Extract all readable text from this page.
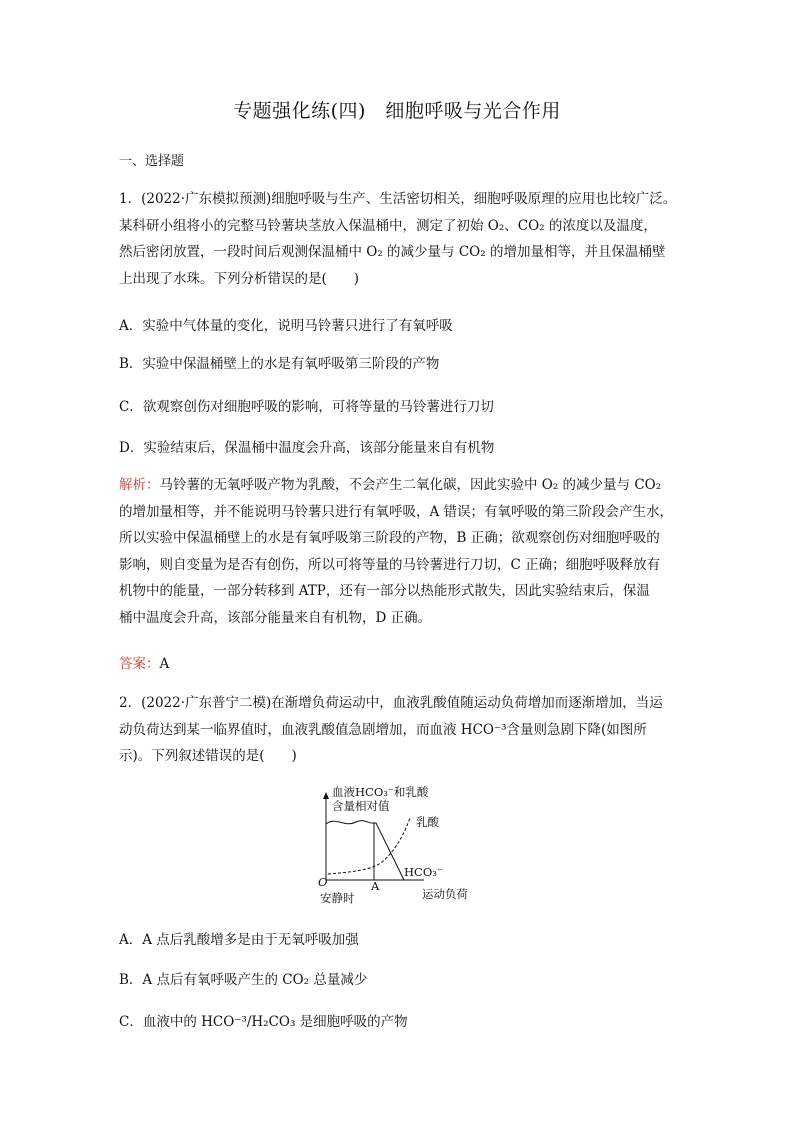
专题强化练(四)　细胞呼吸与光合作用
一、选择题
1．(2022·广东模拟预测)细胞呼吸与生产、生活密切相关，细胞呼吸原理的应用也比较广泛。
某科研小组将小的完整马铃薯块茎放入保温桶中，测定了初始 O₂、CO₂ 的浓度以及温度，
然后密闭放置，一段时间后观测保温桶中 O₂ 的减少量与 CO₂ 的增加量相等，并且保温桶壁
上出现了水珠。下列分析错误的是(　　)
A．实验中气体量的变化，说明马铃薯只进行了有氧呼吸
B．实验中保温桶壁上的水是有氧呼吸第三阶段的产物
C．欲观察创伤对细胞呼吸的影响，可将等量的马铃薯进行刀切
D．实验结束后，保温桶中温度会升高，该部分能量来自有机物
解析：马铃薯的无氧呼吸产物为乳酸，不会产生二氧化碳，因此实验中 O₂ 的减少量与 CO₂
的增加量相等，并不能说明马铃薯只进行有氧呼吸，A 错误；有氧呼吸的第三阶段会产生水，
所以实验中保温桶壁上的水是有氧呼吸第三阶段的产物，B 正确；欲观察创伤对细胞呼吸的
影响，则自变量为是否有创伤，所以可将等量的马铃薯进行刀切，C 正确；细胞呼吸释放有
机物中的能量，一部分转移到 ATP，还有一部分以热能形式散失，因此实验结束后，保温
桶中温度会升高，该部分能量来自有机物，D 正确。
答案：A
2．(2022·广东普宁二模)在渐增负荷运动中，血液乳酸值随运动负荷增加而逐渐增加，当运
动负荷达到某一临界值时，血液乳酸值急剧增加，而血液 HCO⁻³含量则急剧下降(如图所
示)。下列叙述错误的是(　　)
血液HCO₃⁻和乳酸
含量相对值
乳酸
HCO₃⁻
O	A
安静时	运动负荷
A．A 点后乳酸增多是由于无氧呼吸加强
B．A 点后有氧呼吸产生的 CO₂ 总量减少
C．血液中的 HCO⁻³/H₂CO₃ 是细胞呼吸的产物
